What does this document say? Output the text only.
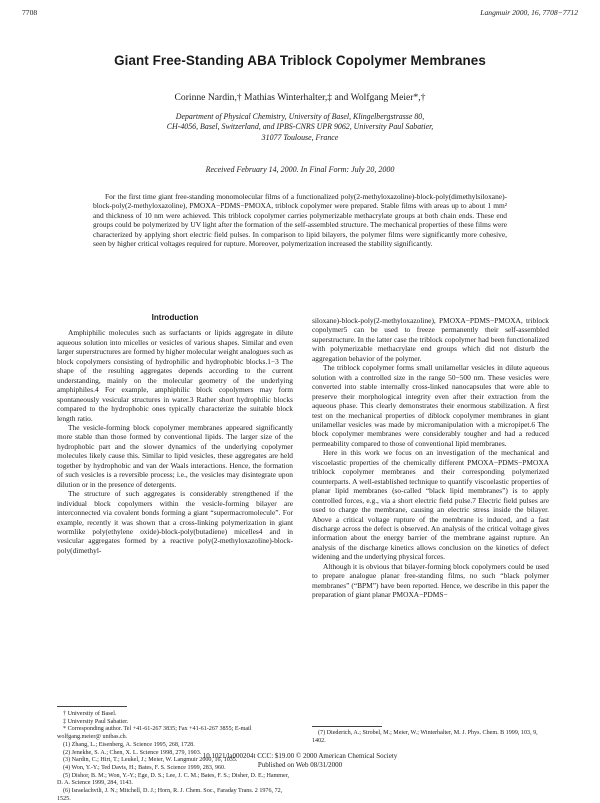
7708	Langmuir 2000, 16, 7708−7712
Giant Free-Standing ABA Triblock Copolymer Membranes
Corinne Nardin,† Mathias Winterhalter,‡ and Wolfgang Meier*,†
Department of Physical Chemistry, University of Basel, Klingelbergstrasse 80,
CH-4056, Basel, Switzerland, and IPBS-CNRS UPR 9062, University Paul Sabatier,
31077 Toulouse, France
Received February 14, 2000. In Final Form: July 20, 2000
For the first time giant free-standing monomolecular films of a functionalized poly(2-methyloxazoline)-block-poly(dimethylsiloxane)-block-poly(2-methyloxazoline), PMOXA−PDMS−PMOXA, triblock copolymer were prepared. Stable films with areas up to about 1 mm² and thickness of 10 nm were achieved. This triblock copolymer carries polymerizable methacrylate groups at both chain ends. These end groups could be polymerized by UV light after the formation of the self-assembled structure. The mechanical properties of these films were characterized by applying short electric field pulses. In comparison to lipid bilayers, the polymer films were significantly more cohesive, seen by higher critical voltages required for rupture. Moreover, polymerization increased the stability significantly.
Introduction

Amphiphilic molecules such as surfactants or lipids aggregate in dilute aqueous solution into micelles or vesicles of various shapes. Similar and even larger superstructures are formed by higher molecular weight analogues such as block copolymers consisting of hydrophilic and hydrophobic blocks.1−3 The shape of the resulting aggregates depends according to the current understanding, mainly on the molecular geometry of the underlying amphiphiles.4 For example, amphiphilic block copolymers may form spontaneously vesicular structures in water.3 Rather short hydrophilic blocks compared to the hydrophobic ones typically characterize the suitable block length ratio.

The vesicle-forming block copolymer membranes appeared significantly more stable than those formed by conventional lipids. The larger size of the hydrophobic part and the slower dynamics of the underlying copolymer molecules likely cause this. Similar to lipid vesicles, these aggregates are held together by hydrophobic and van der Waals interactions. Hence, the formation of such vesicles is a reversible process; i.e., the vesicles may disintegrate upon dilution or in the presence of detergents.

The structure of such aggregates is considerably strengthened if the individual block copolymers within the vesicle-forming bilayer are interconnected via covalent bonds forming a giant “supermacromolecule”. For example, recently it was shown that a cross-linking polymerization in giant wormlike poly(ethylene oxide)-block-poly(butadiene) micelles4 and in vesicular aggregates formed by a reactive poly(2-methyloxazoline)-block-poly(dimethyl-

siloxane)-block-poly(2-methyloxazoline), PMOXA−PDMS−PMOXA, triblock copolymer5 can be used to freeze permanently their self-assembled superstructure. In the latter case the triblock copolymer had been functionalized with polymerizable methacrylate end groups which did not disturb the aggregation behavior of the polymer.

The triblock copolymer forms small unilamellar vesicles in dilute aqueous solution with a controlled size in the range 50−500 nm. These vesicles were converted into stable internally cross-linked nanocapsules that were able to preserve their morphological integrity even after their extraction from the aqueous phase. This clearly demonstrates their enormous stabilization. A first test on the mechanical properties of diblock copolymer membranes in giant unilamellar vesicles was made by micromanipulation with a micropipet.6 The block copolymer membranes were considerably tougher and had a reduced permeability compared to those of conventional lipid membranes.

Here in this work we focus on an investigation of the mechanical and viscoelastic properties of the chemically different PMOXA−PDMS−PMOXA triblock copolymer membranes and their corresponding polymerized counterparts. A well-established technique to quantify viscoelastic properties of planar lipid membranes (so-called “black lipid membranes”) is to apply controlled forces, e.g., via a short electric field pulse.7 Electric field pulses are used to charge the membrane, causing an electric stress inside the bilayer. Above a critical voltage rupture of the membrane is induced, and a fast discharge across the defect is observed. An analysis of the critical voltage gives information about the energy barrier of the membrane against rupture. An analysis of the discharge kinetics allows conclusion on the kinetics of defect widening and the underlying physical forces.

Although it is obvious that bilayer-forming block copolymers could be used to prepare analogue planar free-standing films, no such “black polymer membranes” (“BPM”) have been reported. Hence, we describe in this paper the preparation of giant planar PMOXA−PDMS−

† University of Basel.
‡ University Paul Sabatier.
* Corresponding author. Tel +41-61-267 3835; Fax +41-61-267 3855; E-mail wolfgang.meier@ unibas.ch.
(1) Zhang, L.; Eisenberg, A. Science 1995, 268, 1728.
(2) Jenekhe, S. A.; Chen, X. L. Science 1998, 279, 1903.
(3) Nardin, C.; Hirt, T.; Leukel, J.; Meier, W. Langmuir 2000, 16, 1035.
(4) Won, Y.-Y.; Ted Davis, H.; Bates, F. S. Science 1999, 283, 960.
(5) Dishor, B. M.; Won, Y.-Y.; Ege, D. S.; Lee, J. C. M.; Bates, F. S.; Disher, D. E.; Hammer, D. A. Science 1999, 284, 1143.
(6) Israelachvili, J. N.; Mitchell, D. J.; Horn, R. J. Chem. Soc., Faraday Trans. 2 1976, 72, 1525.
(7) Diederich, A.; Strobel, M.; Meier, W.; Winterhalter, M. J. Phys. Chem. B 1999, 103, 9, 1402.
10.1021/la000204t CCC: $19.00 © 2000 American Chemical Society
Published on Web 08/31/2000
